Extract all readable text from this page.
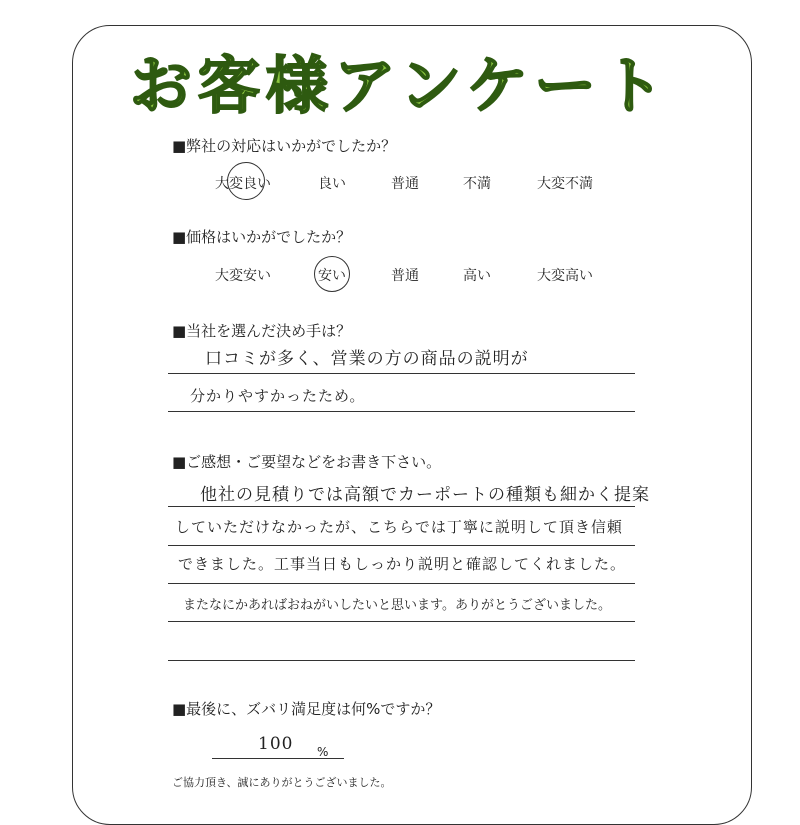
お客様アンケート
■弊社の対応はいかがでしたか？
大変良い	良い	普通	不満	大変不満
■価格はいかがでしたか？
大変安い	安い	普通	高い	大変高い
■当社を選んだ決め手は？
口コミが多く、営業の方の商品の説明が
分かりやすかったため。
■ご感想・ご要望などをお書き下さい。
他社の見積りでは高額でカーポートの種類も細かく提案
していただけなかったが、こちらでは丁寧に説明して頂き信頼
できました。工事当日もしっかり説明と確認してくれました。
またなにかあればおねがいしたいと思います。ありがとうございました。
■最後に、ズバリ満足度は何%ですか？
100 %
ご協力頂き、誠にありがとうございました。
